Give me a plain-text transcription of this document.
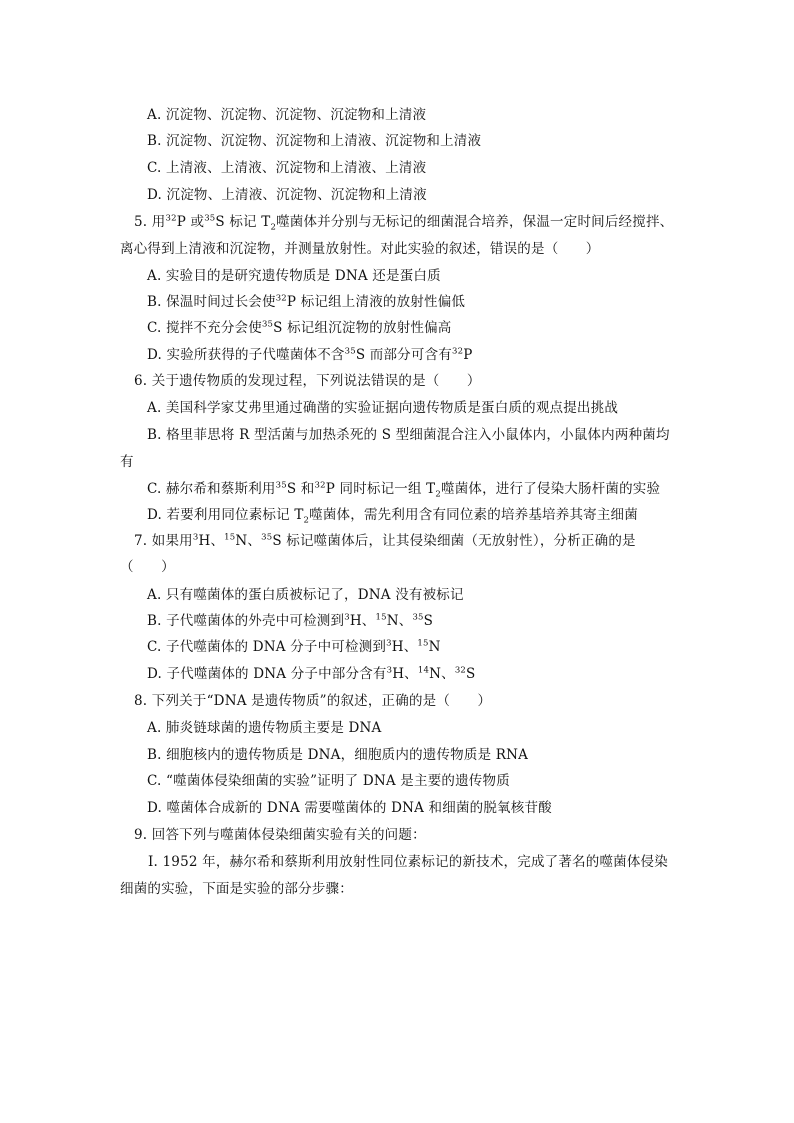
A. 沉淀物、沉淀物、沉淀物、沉淀物和上清液
B. 沉淀物、沉淀物、沉淀物和上清液、沉淀物和上清液
C. 上清液、上清液、沉淀物和上清液、上清液
D. 沉淀物、上清液、沉淀物、沉淀物和上清液
5. 用$^{32}$P 或$^{35}$S 标记 $T_2$噬菌体并分别与无标记的细菌混合培养，保温一定时间后经搅拌、
离心得到上清液和沉淀物，并测量放射性。对此实验的叙述，错误的是（　　）
A. 实验目的是研究遗传物质是 DNA 还是蛋白质
B. 保温时间过长会使$^{32}$P 标记组上清液的放射性偏低
C. 搅拌不充分会使$^{35}$S 标记组沉淀物的放射性偏高
D. 实验所获得的子代噬菌体不含$^{35}$S 而部分可含有$^{32}$P
6. 关于遗传物质的发现过程，下列说法错误的是（　　）
A. 美国科学家艾弗里通过确凿的实验证据向遗传物质是蛋白质的观点提出挑战
B. 格里菲思将 R 型活菌与加热杀死的 S 型细菌混合注入小鼠体内，小鼠体内两种菌均
有
C. 赫尔希和蔡斯利用$^{35}$S 和$^{32}$P 同时标记一组 $T_2$噬菌体，进行了侵染大肠杆菌的实验
D. 若要利用同位素标记 $T_2$噬菌体，需先利用含有同位素的培养基培养其寄主细菌
7. 如果用$^3$H、$^{15}$N、$^{35}$S 标记噬菌体后，让其侵染细菌（无放射性），分析正确的是
（　　）
A. 只有噬菌体的蛋白质被标记了，DNA 没有被标记
B. 子代噬菌体的外壳中可检测到$^3$H、$^{15}$N、$^{35}$S
C. 子代噬菌体的 DNA 分子中可检测到$^3$H、$^{15}$N
D. 子代噬菌体的 DNA 分子中部分含有$^3$H、$^{14}$N、$^{32}$S
8. 下列关于“DNA 是遗传物质”的叙述，正确的是（　　）
A. 肺炎链球菌的遗传物质主要是 DNA
B. 细胞核内的遗传物质是 DNA，细胞质内的遗传物质是 RNA
C. “噬菌体侵染细菌的实验”证明了 DNA 是主要的遗传物质
D. 噬菌体合成新的 DNA 需要噬菌体的 DNA 和细菌的脱氧核苷酸
9. 回答下列与噬菌体侵染细菌实验有关的问题：
Ⅰ. 1952 年，赫尔希和蔡斯利用放射性同位素标记的新技术，完成了著名的噬菌体侵染
细菌的实验，下面是实验的部分步骤：
